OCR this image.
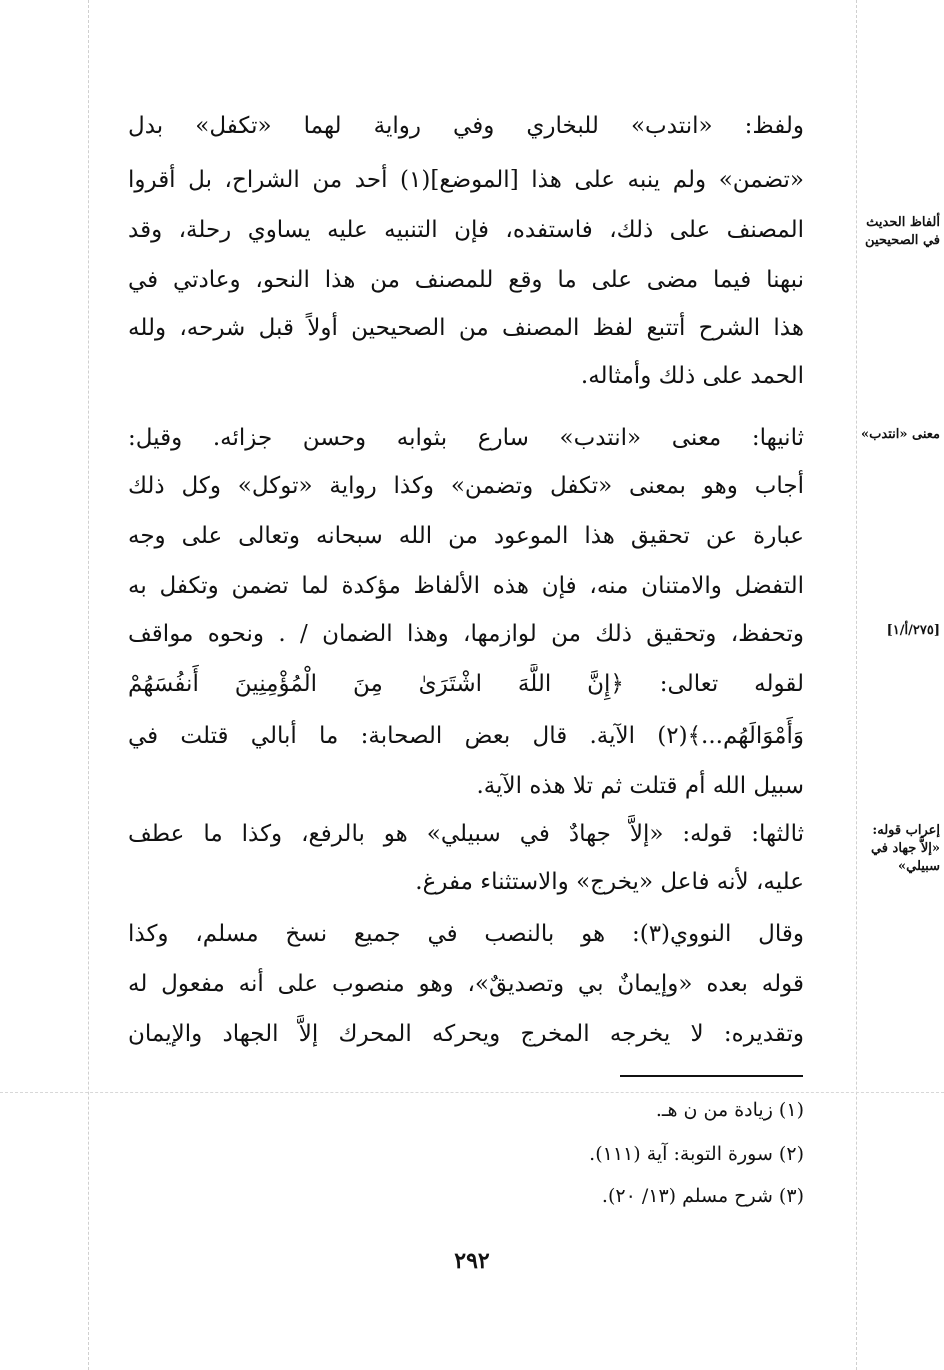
ولفظ: «انتدب» للبخاري وفي رواية لهما «تكفل» بدل
«تضمن» ولم ينبه على هذا [الموضع](١) أحد من الشراح، بل أقروا
المصنف على ذلك، فاستفده، فإن التنبيه عليه يساوي رحلة، وقد
نبهنا فيما مضى على ما وقع للمصنف من هذا النحو، وعادتي في
هذا الشرح أتتبع لفظ المصنف من الصحيحين أولاً قبل شرحه، ولله
الحمد على ذلك وأمثاله.
ثانيها: معنى «انتدب» سارع بثوابه وحسن جزائه. وقيل:
أجاب وهو بمعنى «تكفل وتضمن» وكذا رواية «توكل» وكل ذلك
عبارة عن تحقيق هذا الموعود من الله سبحانه وتعالى على وجه
التفضل والامتنان منه، فإن هذه الألفاظ مؤكدة لما تضمن وتكفل به
وتحفظ، وتحقيق ذلك من لوازمها، وهذا الضمان / . ونحوه مواقف
لقوله تعالى: ﴿إِنَّ اللَّهَ اشْتَرَىٰ مِنَ الْمُؤْمِنِينَ أَنفُسَهُمْ
وَأَمْوَالَهُم...﴾(٢) الآية. قال بعض الصحابة: ما أبالي قتلت في
سبيل الله أم قتلت ثم تلا هذه الآية.
ثالثها: قوله: «إلاَّ جهادٌ في سبيلي» هو بالرفع، وكذا ما عطف
عليه، لأنه فاعل «يخرج» والاستثناء مفرغ.
وقال النووي(٣): هو بالنصب في جميع نسخ مسلم، وكذا
قوله بعده «وإيمانٌ بي وتصديقٌ»، وهو منصوب على أنه مفعول له
وتقديره: لا يخرجه المخرج ويحركه المحرك إلاَّ الجهاد والإيمان
ألفاظ الحديث
في الصحيحين
معنى «انتدب»
[٢٧٥/أ/١]
إعراب قوله:
«إلاَّ جهاد في
سبيلي»
(١) زيادة من ن هـ.
(٢) سورة التوبة: آية (١١١).
(٣) شرح مسلم (١٣/ ٢٠).
٢٩٢
